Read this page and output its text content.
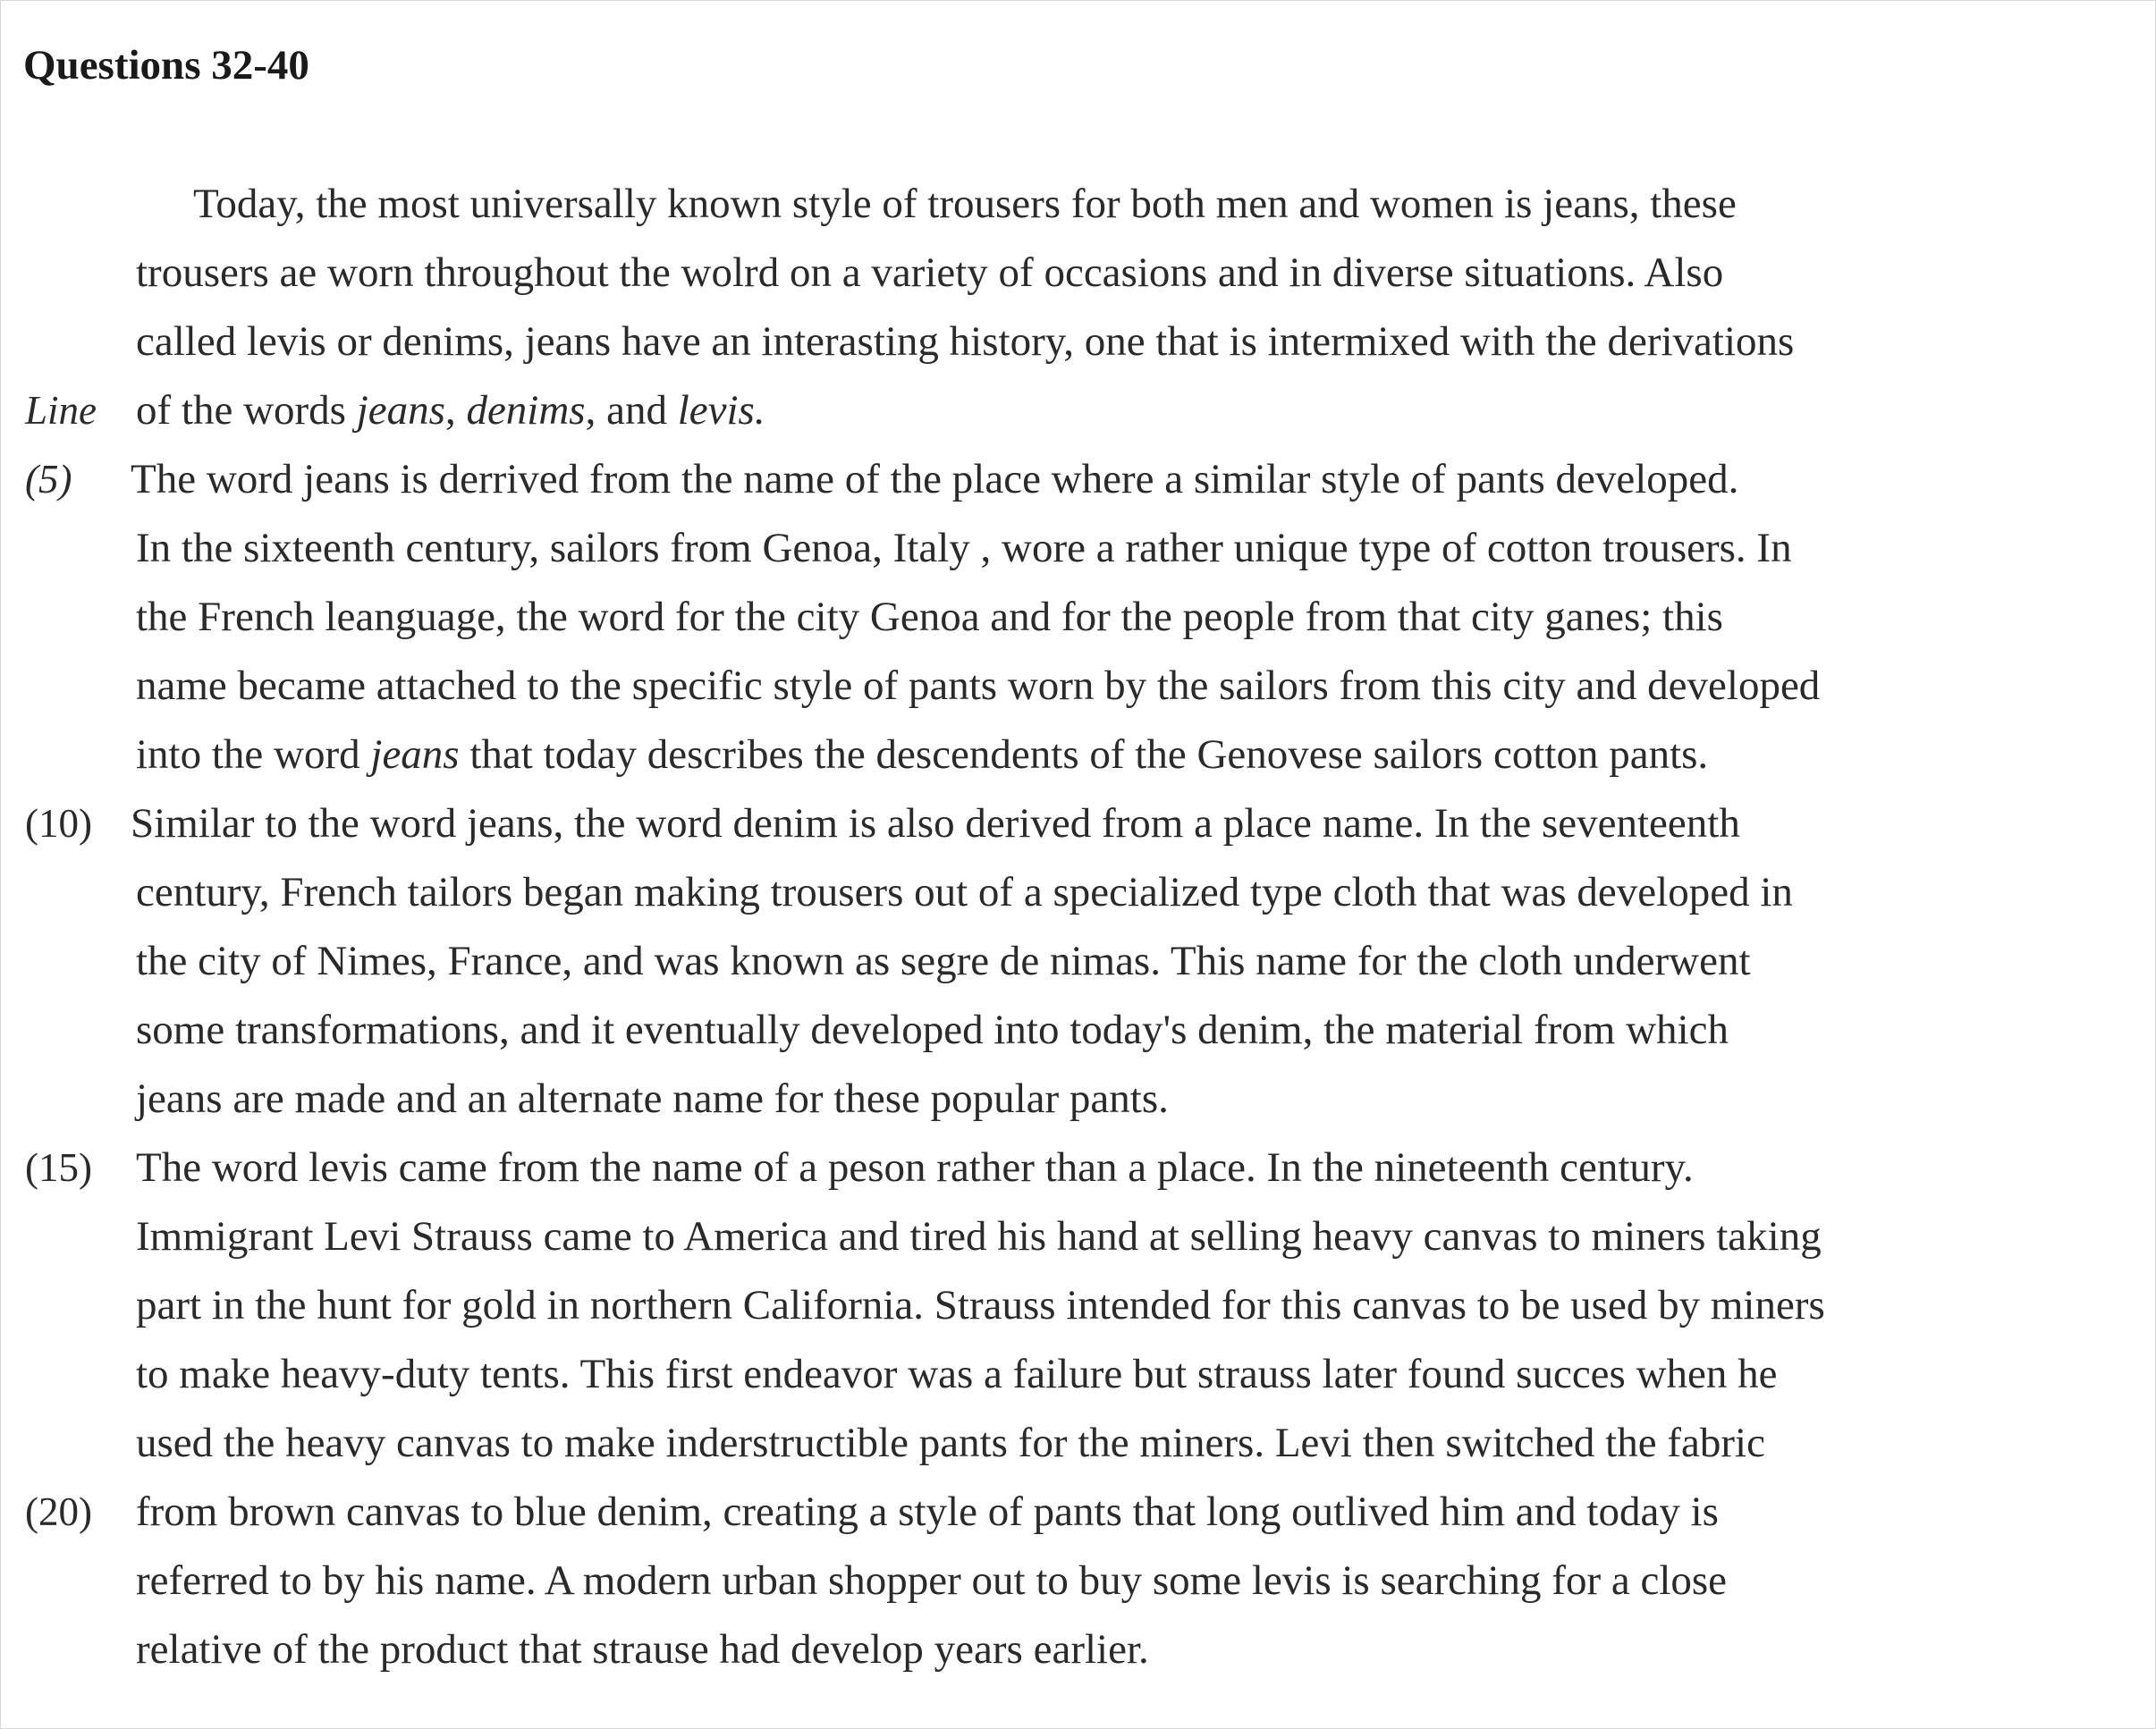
Questions 32-40
Today, the most universally known style of trousers for both men and women is jeans, these
trousers ae worn throughout the wolrd on a variety of occasions and in diverse situations. Also
called levis or denims, jeans have an interasting history, one that is intermixed with the derivations
Line of the words jeans, denims, and levis.
(5) The word jeans is derrived from the name of the place where a similar style of pants developed.
In the sixteenth century, sailors from Genoa, Italy , wore a rather unique type of cotton trousers. In
the French leanguage, the word for the city Genoa and for the people from that city ganes; this
name became attached to the specific style of pants worn by the sailors from this city and developed
into the word jeans that today describes the descendents of the Genovese sailors cotton pants.
(10) Similar to the word jeans, the word denim is also derived from a place name. In the seventeenth
century, French tailors began making trousers out of a specialized type cloth that was developed in
the city of Nimes, France, and was known as segre de nimas. This name for the cloth underwent
some transformations, and it eventually developed into today's denim, the material from which
jeans are made and an alternate name for these popular pants.
(15) The word levis came from the name of a peson rather than a place. In the nineteenth century.
Immigrant Levi Strauss came to America and tired his hand at selling heavy canvas to miners taking
part in the hunt for gold in northern California. Strauss intended for this canvas to be used by miners
to make heavy-duty tents. This first endeavor was a failure but strauss later found succes when he
used the heavy canvas to make inderstructible pants for the miners. Levi then switched the fabric
(20) from brown canvas to blue denim, creating a style of pants that long outlived him and today is
referred to by his name. A modern urban shopper out to buy some levis is searching for a close
relative of the product that strause had develop years earlier.
